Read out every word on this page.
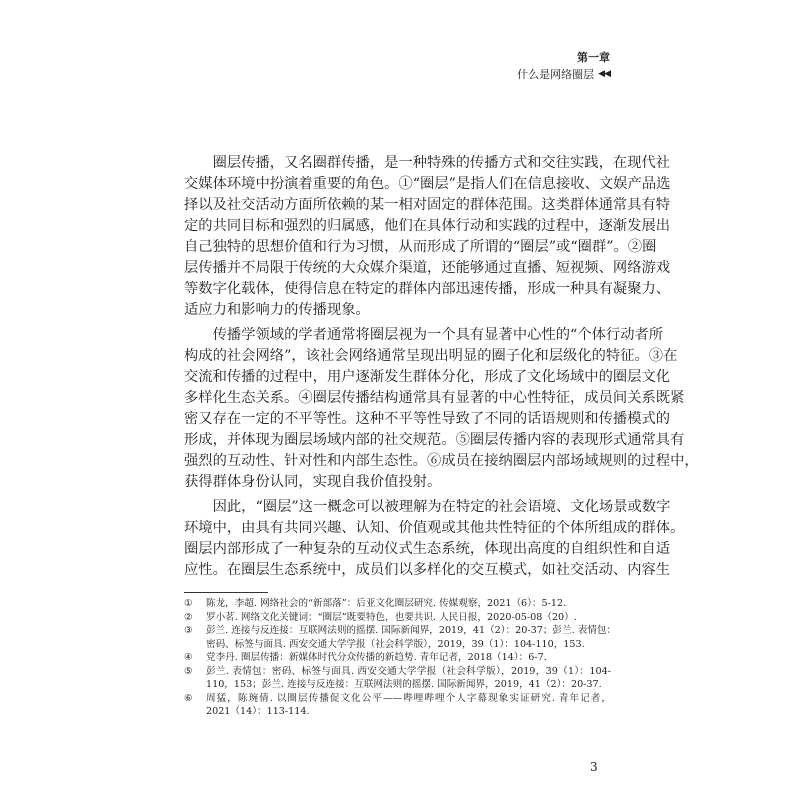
第一章
什么是网络圈层 ◀◀
　　圈层传播，又名圈群传播，是一种特殊的传播方式和交往实践，在现代社
交媒体环境中扮演着重要的角色。①“圈层”是指人们在信息接收、文娱产品选
择以及社交活动方面所依赖的某一相对固定的群体范围。这类群体通常具有特
定的共同目标和强烈的归属感，他们在具体行动和实践的过程中，逐渐发展出
自己独特的思想价值和行为习惯，从而形成了所谓的“圈层”或“圈群”。②圈
层传播并不局限于传统的大众媒介渠道，还能够通过直播、短视频、网络游戏
等数字化载体，使得信息在特定的群体内部迅速传播，形成一种具有凝聚力、
适应力和影响力的传播现象。
　　传播学领域的学者通常将圈层视为一个具有显著中心性的“个体行动者所
构成的社会网络”，该社会网络通常呈现出明显的圈子化和层级化的特征。③在
交流和传播的过程中，用户逐渐发生群体分化，形成了文化场域中的圈层文化
多样化生态关系。④圈层传播结构通常具有显著的中心性特征，成员间关系既紧
密又存在一定的不平等性。这种不平等性导致了不同的话语规则和传播模式的
形成，并体现为圈层场域内部的社交规范。⑤圈层传播内容的表现形式通常具有
强烈的互动性、针对性和内部生态性。⑥成员在接纳圈层内部场域规则的过程中，
获得群体身份认同，实现自我价值投射。
　　因此，“圈层”这一概念可以被理解为在特定的社会语境、文化场景或数字
环境中，由具有共同兴趣、认知、价值观或其他共性特征的个体所组成的群体。
圈层内部形成了一种复杂的互动仪式生态系统，体现出高度的自组织性和自适
应性。在圈层生态系统中，成员们以多样化的交互模式，如社交活动、内容生
①	陈龙，李超. 网络社会的“新部落”：后亚文化圈层研究. 传媒观察，2021（6）：5-12.
②	罗小茗. 网络文化关键词：“圈层”既要特色，也要共识. 人民日报，2020-05-08（20）.
③	彭兰. 连接与反连接：互联网法则的摇摆. 国际新闻界，2019，41（2）：20-37；彭兰. 表情包：
密码、标签与面具. 西安交通大学学报（社会科学版），2019，39（1）：104-110，153.
④	党李丹. 圈层传播：新媒体时代分众传播的新趋势. 青年记者，2018（14）：6-7.
⑤	彭兰. 表情包：密码、标签与面具. 西安交通大学学报（社会科学版），2019，39（1）：104-
110，153；彭兰. 连接与反连接：互联网法则的摇摆. 国际新闻界，2019，41（2）：20-37.
⑥	周猛，陈琬倩. 以圈层传播促文化公平——哔哩哔哩个人字幕现象实证研究. 青年记者，
2021（14）：113-114.
3
